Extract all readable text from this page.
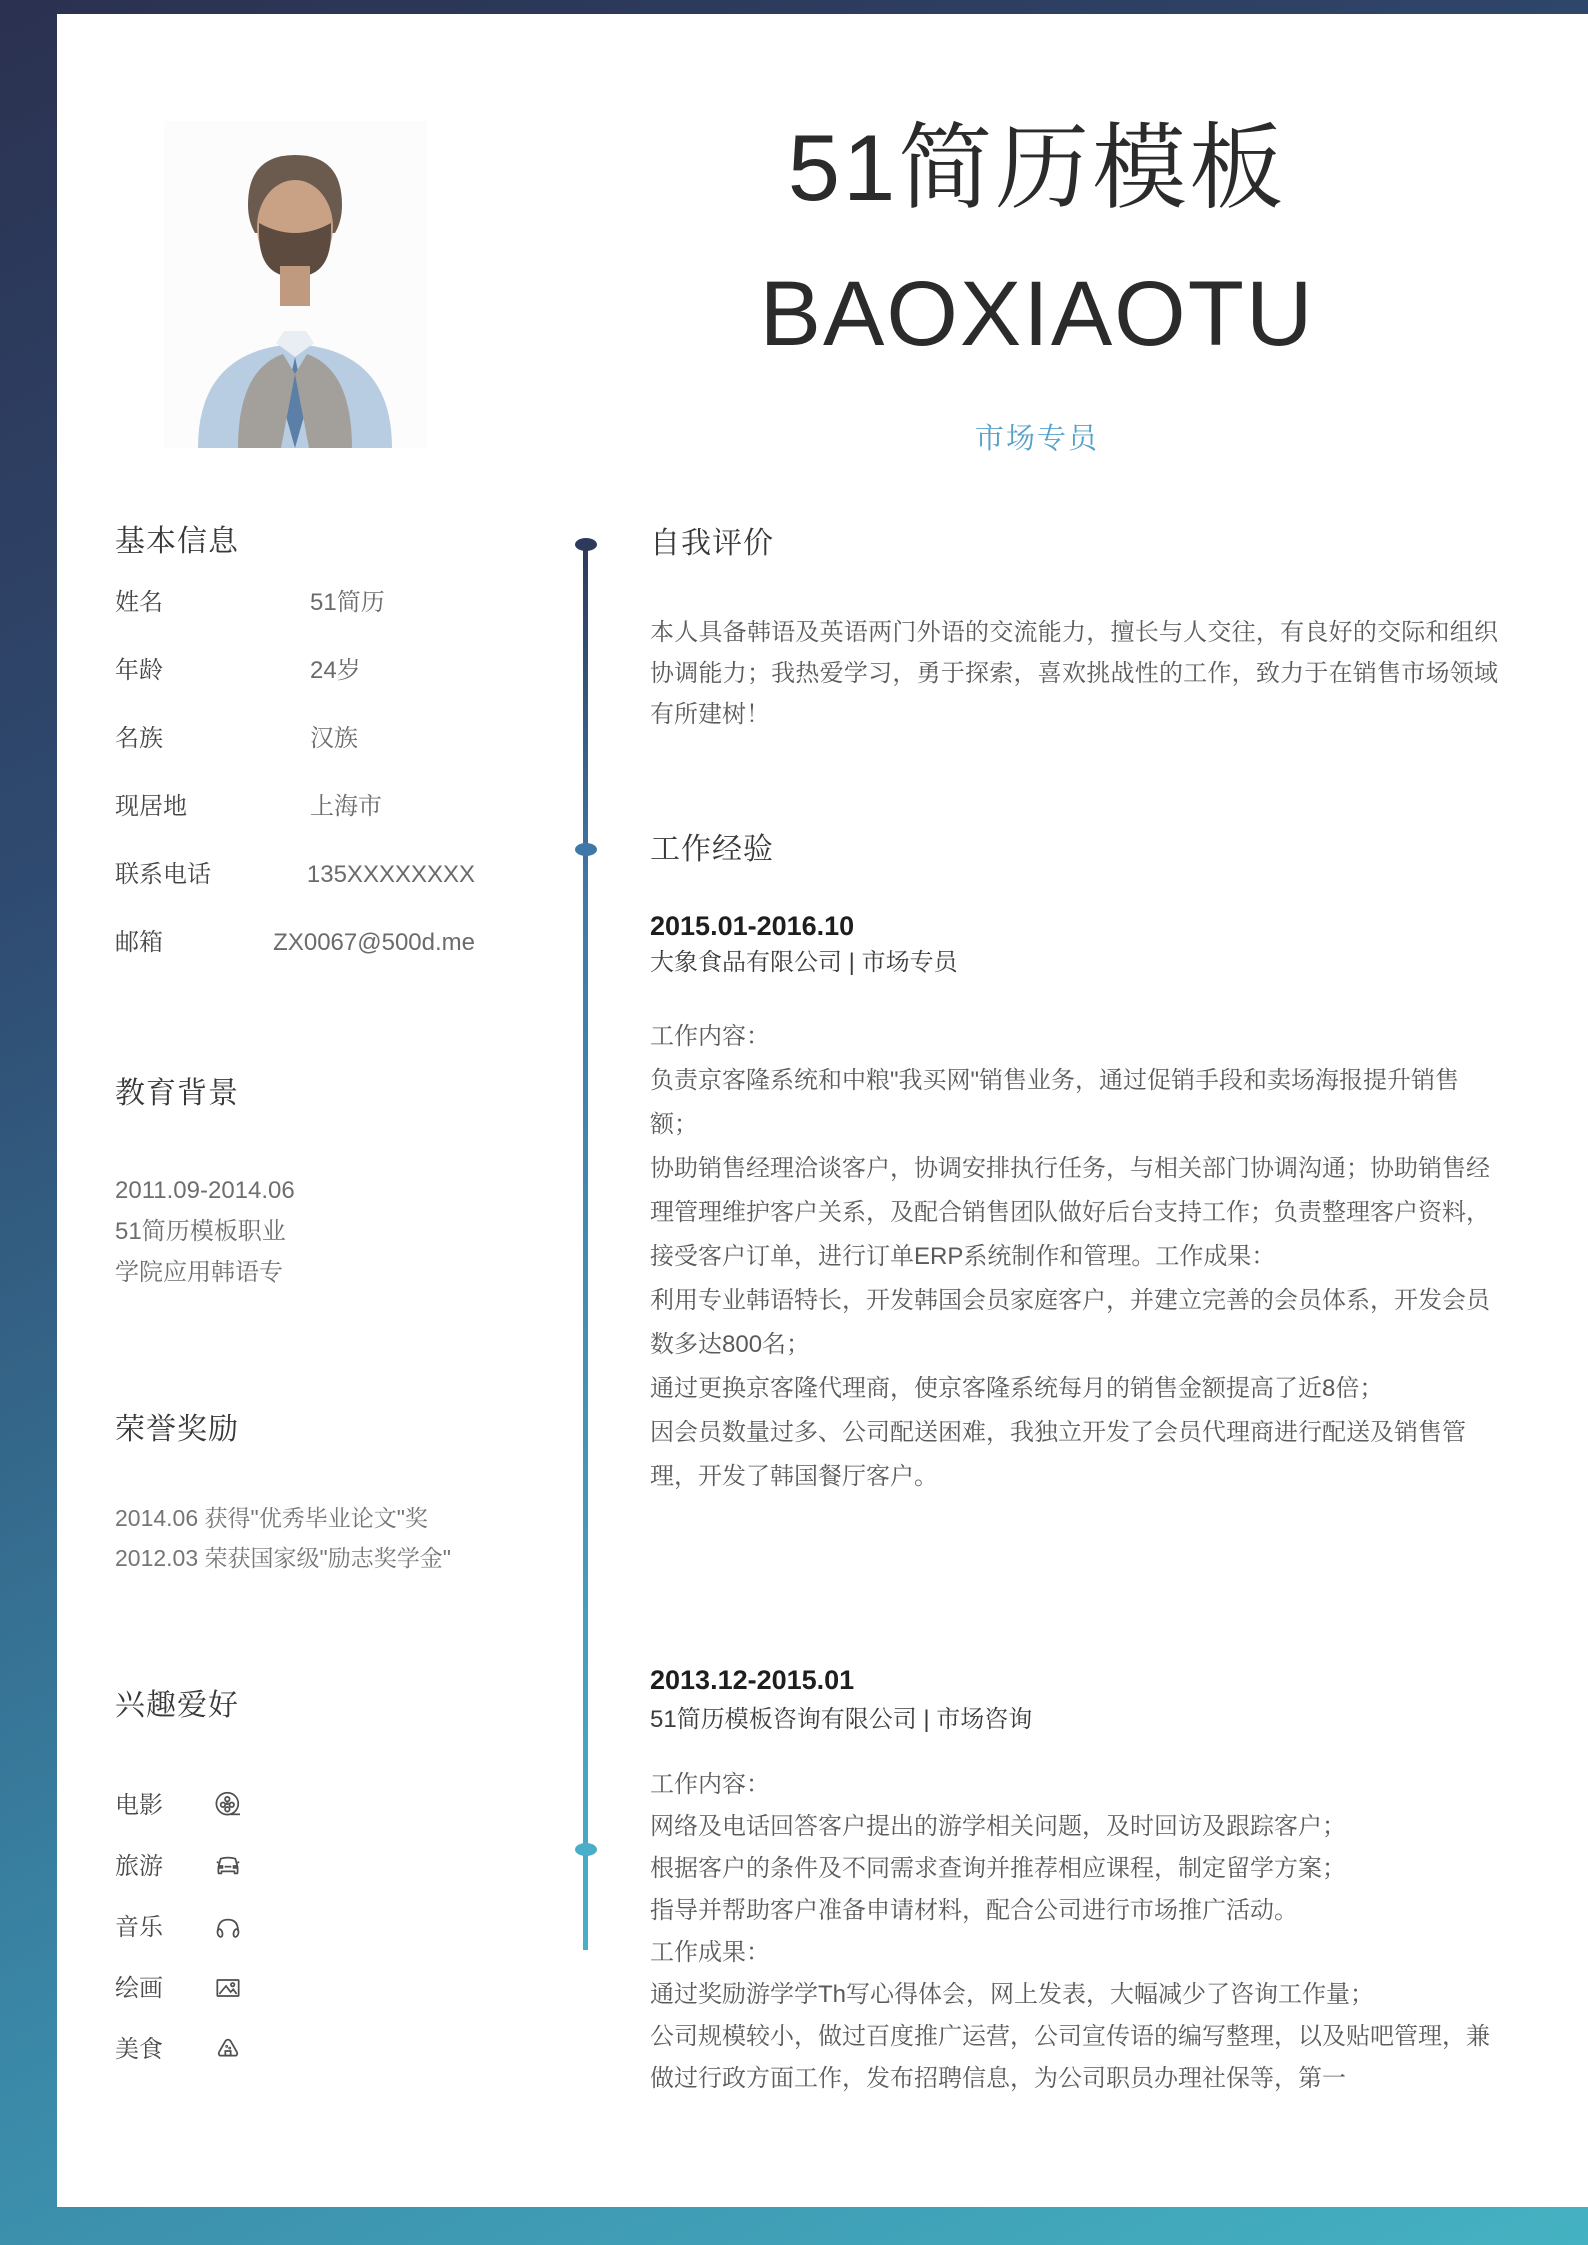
51简历模板
BAOXIAOTU
市场专员
基本信息
姓名	51简历
年龄	24岁
名族	汉族
现居地	上海市
联系电话	135XXXXXXXX
邮箱	ZX0067@500d.me
教育背景
2011.09-2014.06
51简历模板职业
学院应用韩语专
荣誉奖励
2014.06 获得"优秀毕业论文"奖
2012.03 荣获国家级"励志奖学金"
兴趣爱好
电影
旅游
音乐
绘画
美食
自我评价
本人具备韩语及英语两门外语的交流能力，擅长与人交往，有良好的交际和组织协调能力；我热爱学习，勇于探索，喜欢挑战性的工作，致力于在销售市场领域有所建树！
工作经验
2015.01-2016.10
大象食品有限公司 | 市场专员
工作内容：
负责京客隆系统和中粮"我买网"销售业务，通过促销手段和卖场海报提升销售额；
协助销售经理洽谈客户，协调安排执行任务，与相关部门协调沟通；协助销售经理管理维护客户关系，及配合销售团队做好后台支持工作；负责整理客户资料，接受客户订单，进行订单ERP系统制作和管理。工作成果：
利用专业韩语特长，开发韩国会员家庭客户，并建立完善的会员体系，开发会员数多达800名；
通过更换京客隆代理商，使京客隆系统每月的销售金额提高了近8倍；
因会员数量过多、公司配送困难，我独立开发了会员代理商进行配送及销售管理，开发了韩国餐厅客户。
2013.12-2015.01
51简历模板咨询有限公司 | 市场咨询
工作内容：
网络及电话回答客户提出的游学相关问题，及时回访及跟踪客户；
根据客户的条件及不同需求查询并推荐相应课程，制定留学方案；
指导并帮助客户准备申请材料，配合公司进行市场推广活动。
工作成果：
通过奖励游学学Th写心得体会，网上发表，大幅减少了咨询工作量；
公司规模较小，做过百度推广运营，公司宣传语的编写整理，以及贴吧管理，兼做过行政方面工作，发布招聘信息，为公司职员办理社保等，第一
